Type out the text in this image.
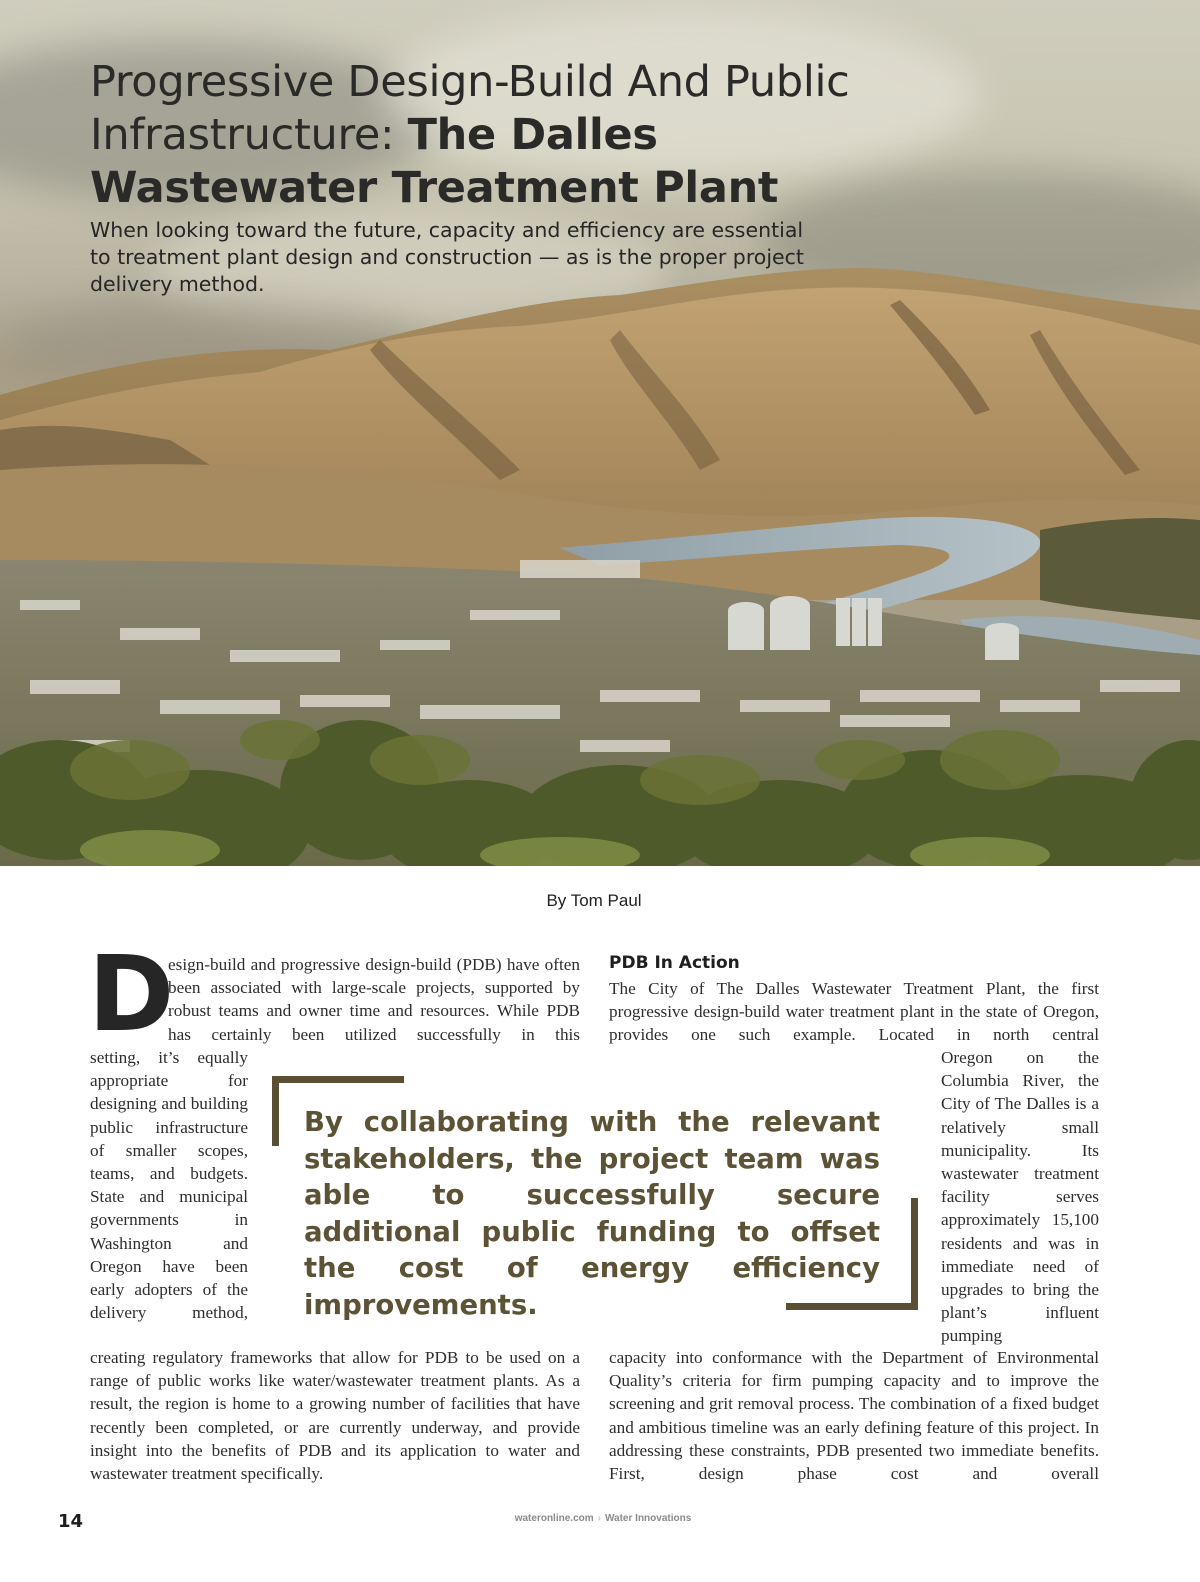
Progressive Design-Build And Public Infrastructure: The Dalles Wastewater Treatment Plant

When looking toward the future, capacity and efficiency are essential to treatment plant design and construction — as is the proper project delivery method.

By Tom Paul
D

esign-build and progressive design-build (PDB) have often been associated with large-scale projects, supported by robust teams and owner time and resources. While PDB has certainly been utilized successfully in this

setting, it’s equally appropriate for designing and building public infrastructure of smaller scopes, teams, and budgets. State and municipal governments in Washington and Oregon have been early adopters of the delivery method,

creating regulatory frameworks that allow for PDB to be used on a range of public works like water/wastewater treatment plants. As a result, the region is home to a growing number of facilities that have recently been completed, or are currently underway, and provide insight into the benefits of PDB and its application to water and wastewater treatment specifically.

PDB In Action

The City of The Dalles Wastewater Treatment Plant, the first progressive design-build water treatment plant in the state of Oregon, provides one such example. Located in north central

Oregon on the Columbia River, the City of The Dalles is a relatively small municipality. Its wastewater treatment facility serves approximately 15,100 residents and was in immediate need of upgrades to bring the plant’s influent pumping

capacity into conformance with the Department of Environmental Quality’s criteria for firm pumping capacity and to improve the screening and grit removal process. The combination of a fixed budget and ambitious timeline was an early defining feature of this project. In addressing these constraints, PDB presented two immediate benefits. First, design phase cost and overall

By collaborating with the relevant stakeholders, the project team was able to successfully secure additional public funding to offset the cost of energy efficiency improvements.
14	wateronline.com › Water Innovations
